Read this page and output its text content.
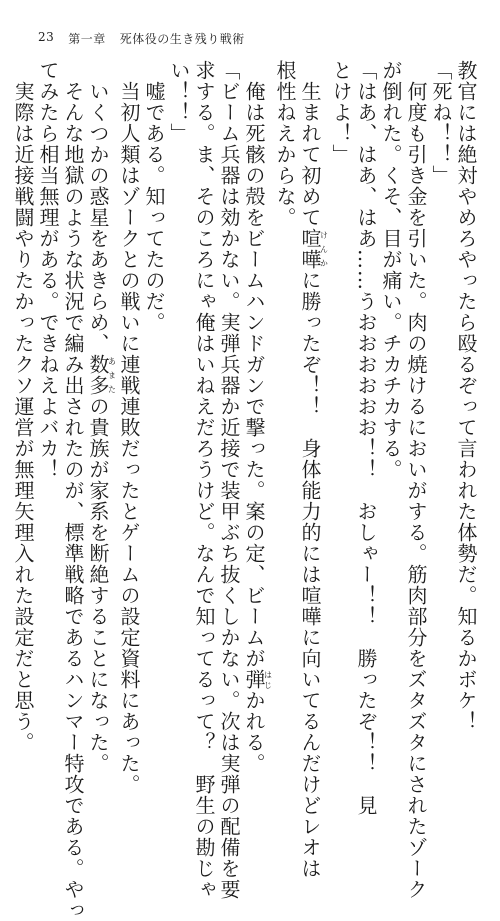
23 第一章 死体役の生き残り戦術
教官には絶対やめろやったら殴るぞって言われた体勢だ。知るかボケ！
「死ね！！」
　何度も引き金を引いた。肉の焼けるにおいがする。筋肉部分をズタズタにされたゾーク
が倒れた。くそ、目が痛い。チカチカする。
「はあ、はあ、はあ……うおおおおおお！！　おしゃー！！　勝ったぞ！！　見
とけよ！」
　生まれて初めて喧嘩けんかに勝ったぞ！！　身体能力的には喧嘩に向いてるんだけどレオは
根性ねえからな。
　俺は死骸の殻をビームハンドガンで撃った。案の定、ビームが弾はじかれる。
「ビーム兵器は効かない。実弾兵器か近接で装甲ぶち抜くしかない。次は実弾の配備を要
求する。ま、そのころにゃ俺はいねえだろうけど。なんで知ってるって？　野生の勘じゃ
い！！」
　嘘である。知ってたのだ。
　当初人類はゾークとの戦いに連戦連敗だったとゲームの設定資料にあった。
　いくつかの惑星をあきらめ、数多あまたの貴族が家系を断絶することになった。
　そんな地獄のような状況で編み出されたのが、標準戦略であるハンマー特攻である。やっ
てみたら相当無理がある。できねえよバカ！
　実際は近接戦闘やりたかったクソ運営が無理矢理入れた設定だと思う。
